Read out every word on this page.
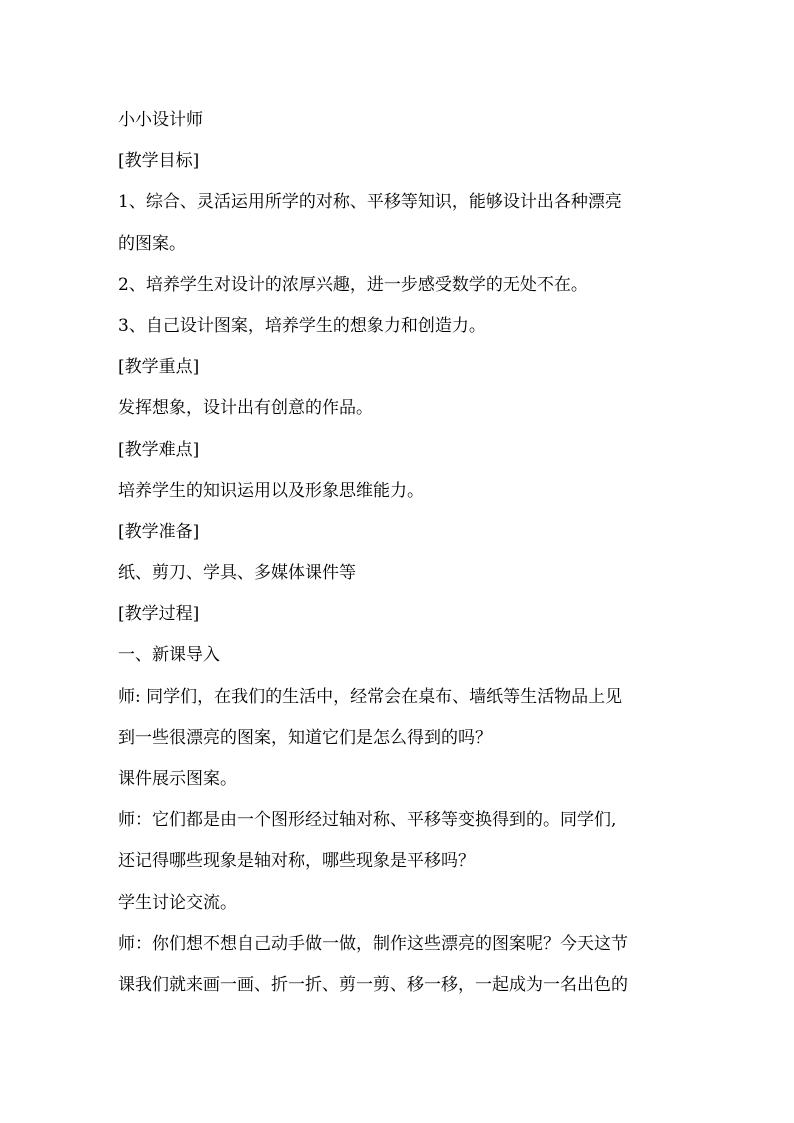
小小设计师
[教学目标]
1、综合、灵活运用所学的对称、平移等知识，能够设计出各种漂亮
的图案。
2、培养学生对设计的浓厚兴趣，进一步感受数学的无处不在。
3、自己设计图案，培养学生的想象力和创造力。
[教学重点]
发挥想象，设计出有创意的作品。
[教学难点]
培养学生的知识运用以及形象思维能力。
[教学准备]
纸、剪刀、学具、多媒体课件等
[教学过程]
一、新课导入
师: 同学们，在我们的生活中，经常会在桌布、墙纸等生活物品上见
到一些很漂亮的图案，知道它们是怎么得到的吗？
课件展示图案。
师：它们都是由一个图形经过轴对称、平移等变换得到的。同学们,
还记得哪些现象是轴对称，哪些现象是平移吗？
学生讨论交流。
师：你们想不想自己动手做一做，制作这些漂亮的图案呢？今天这节
课我们就来画一画、折一折、剪一剪、移一移，一起成为一名出色的
